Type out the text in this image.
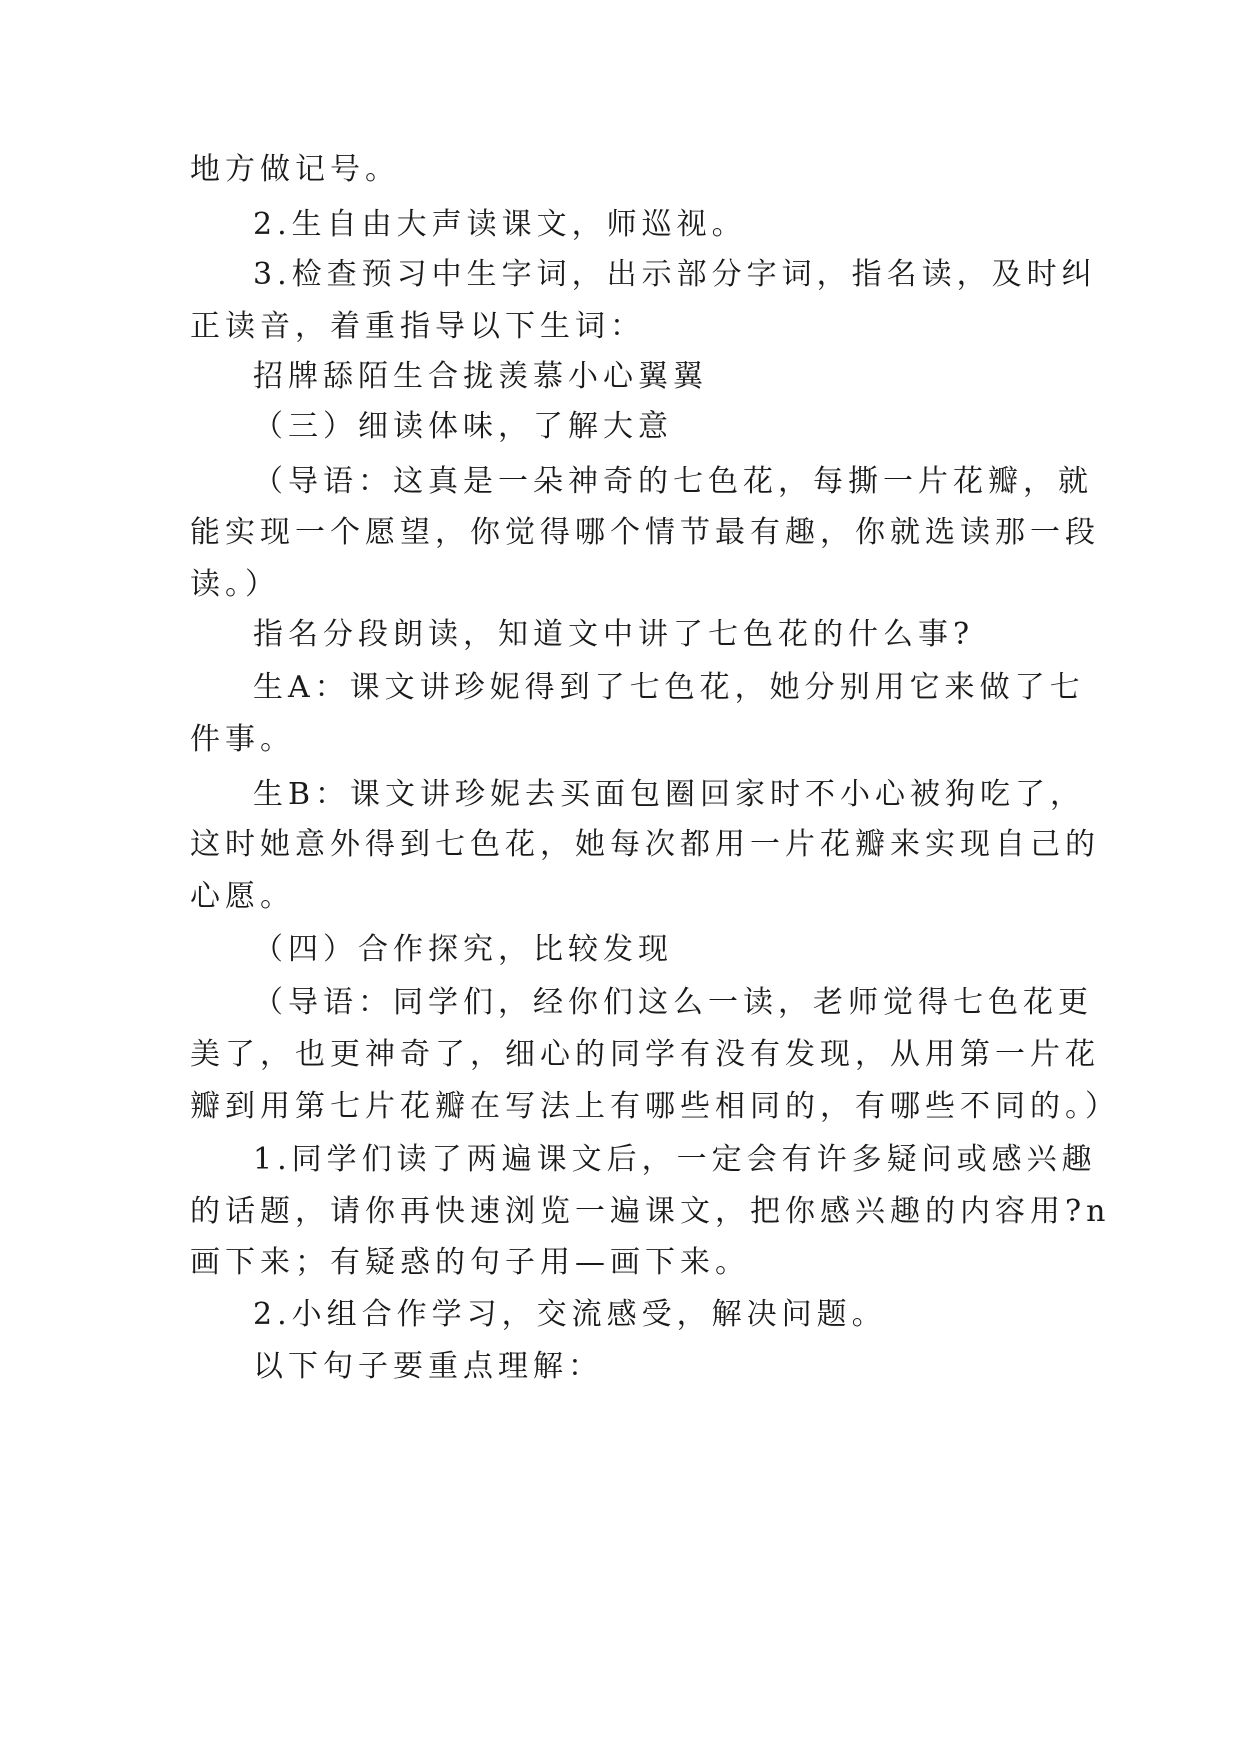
地方做记号。
2.生自由大声读课文，师巡视。
3.检查预习中生字词，出示部分字词，指名读，及时纠
正读音，着重指导以下生词：
招牌舔陌生合拢羡慕小心翼翼
（三）细读体味，了解大意
（导语：这真是一朵神奇的七色花，每撕一片花瓣，就
能实现一个愿望，你觉得哪个情节最有趣，你就选读那一段
读。）
指名分段朗读，知道文中讲了七色花的什么事?
生A：课文讲珍妮得到了七色花，她分别用它来做了七
件事。
生B：课文讲珍妮去买面包圈回家时不小心被狗吃了，
这时她意外得到七色花，她每次都用一片花瓣来实现自己的
心愿。
（四）合作探究，比较发现
（导语：同学们，经你们这么一读，老师觉得七色花更
美了，也更神奇了，细心的同学有没有发现，从用第一片花
瓣到用第七片花瓣在写法上有哪些相同的，有哪些不同的。）
1.同学们读了两遍课文后，一定会有许多疑问或感兴趣
的话题，请你再快速浏览一遍课文，把你感兴趣的内容用?n
画下来；有疑惑的句子用—画下来。
2.小组合作学习，交流感受，解决问题。
以下句子要重点理解：
